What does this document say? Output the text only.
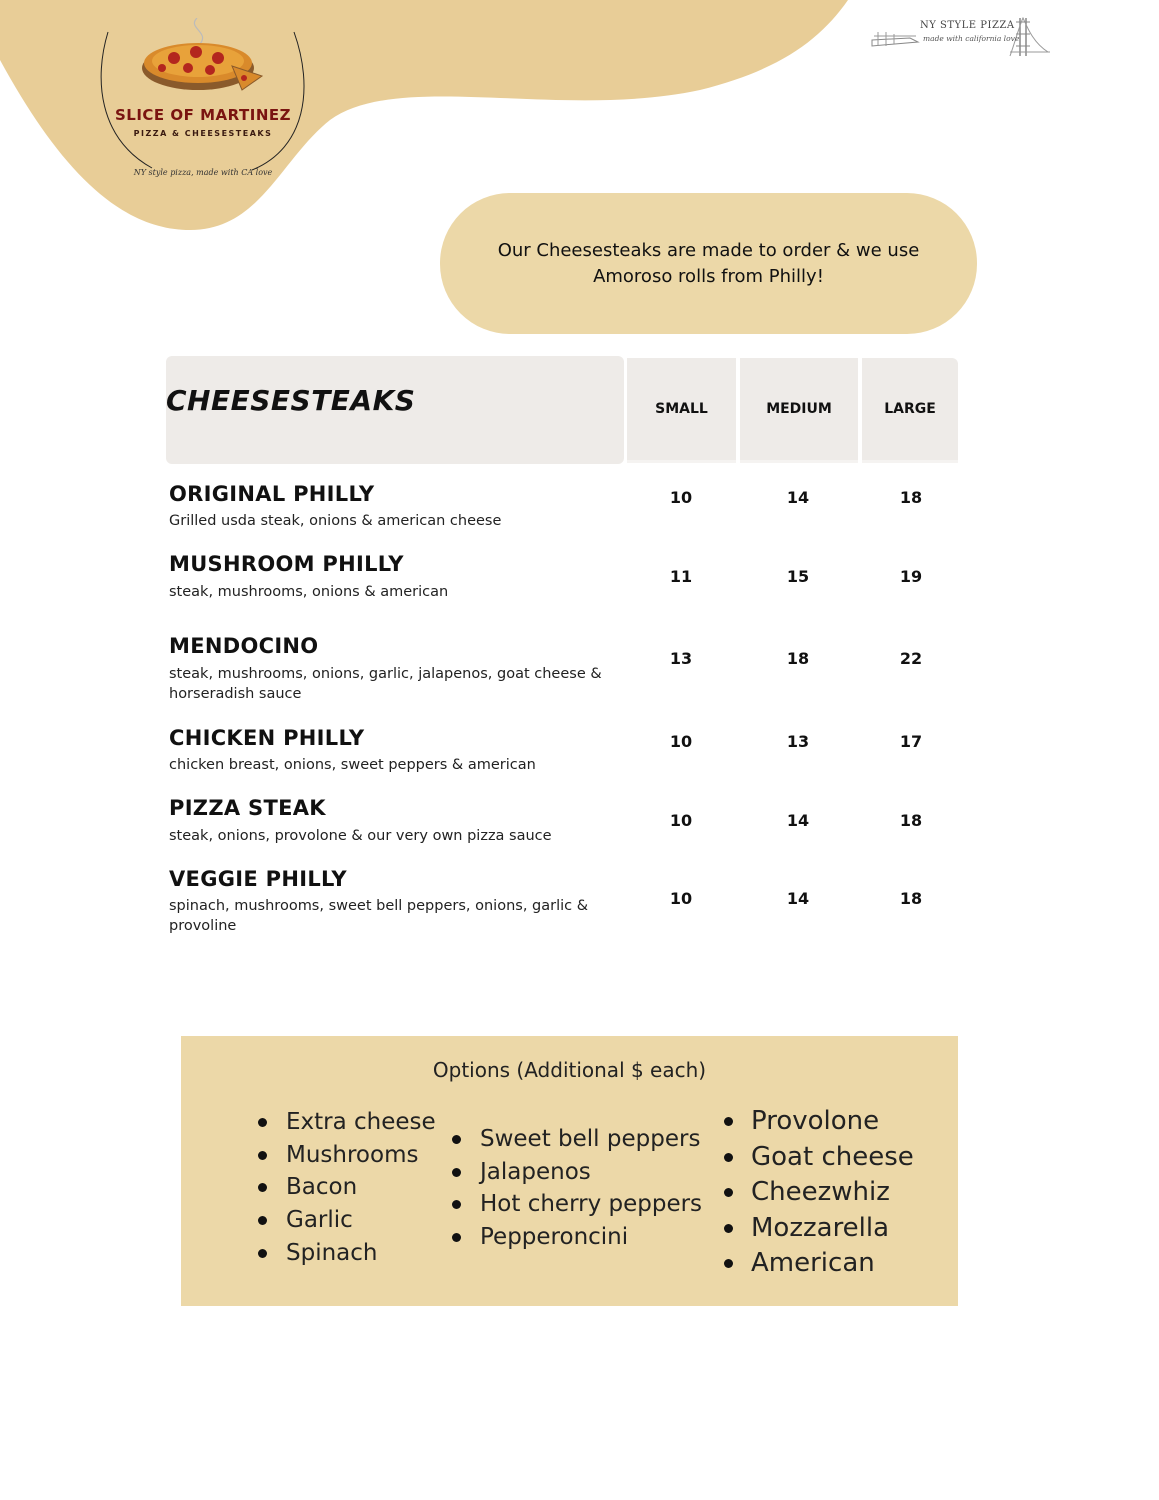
SLICE OF MARTINEZ
PIZZA & CHEESESTEAKS
NY style pizza, made with CA love
NY STYLE PIZZA
made with california love

Our Cheesesteaks are made to order & we use Amoroso rolls from Philly!

CHEESESTEAKS	SMALL	MEDIUM	LARGE
ORIGINAL PHILLY
Grilled usda steak, onions & american cheese
10	14	18
MUSHROOM PHILLY
steak, mushrooms, onions & american
11	15	19
MENDOCINO
steak, mushrooms, onions, garlic, jalapenos, goat cheese & horseradish sauce
13	18	22
CHICKEN PHILLY
chicken breast, onions, sweet peppers & american
10	13	17
PIZZA STEAK
steak, onions, provolone & our very own pizza sauce
10	14	18
VEGGIE PHILLY
spinach, mushrooms, sweet bell peppers, onions, garlic & provoline
10	14	18
Options (Additional $ each)
Extra cheese
Mushrooms
Bacon
Garlic
Spinach
Sweet bell peppers
Jalapenos
Hot cherry peppers
Pepperoncini
Provolone
Goat cheese
Cheezwhiz
Mozzarella
American
